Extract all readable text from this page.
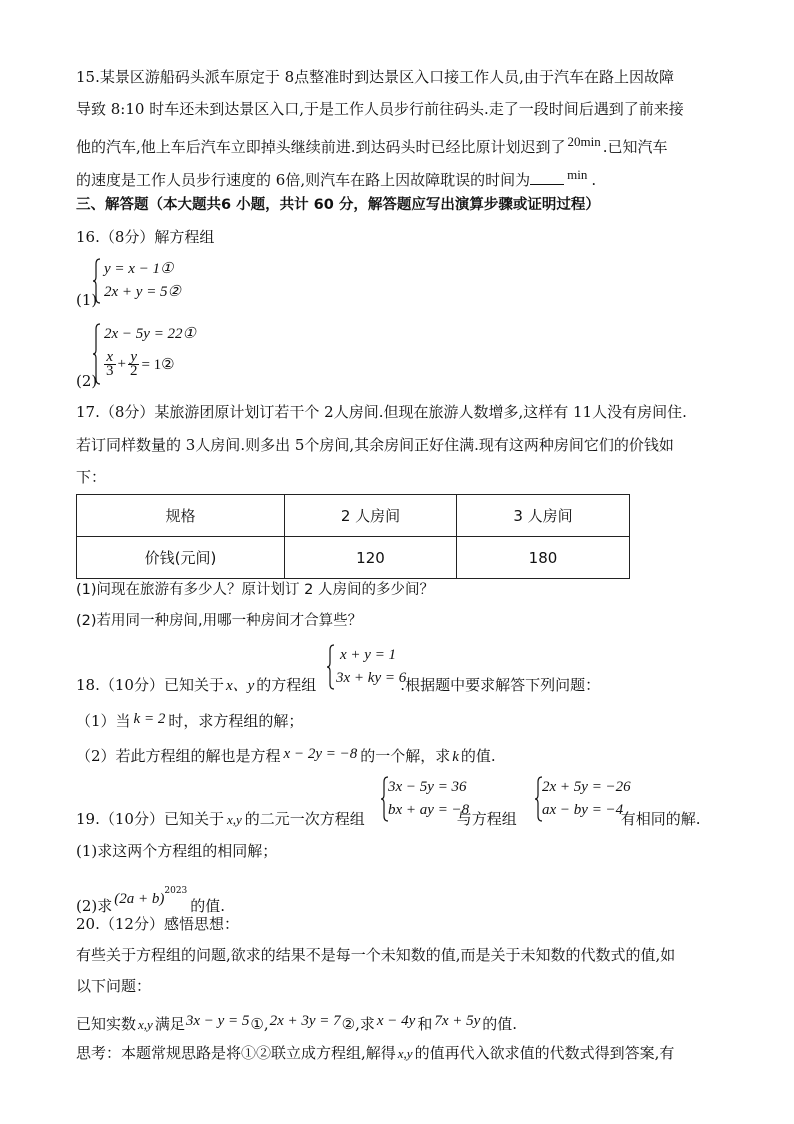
15.某景区游船码头派车原定于 8点整准时到达景区入口接工作人员,由于汽车在路上因故障
导致 8:10 时车还未到达景区入口,于是工作人员步行前往码头.走了一段时间后遇到了前来接
他的汽车,他上车后汽车立即掉头继续前进.到达码头时已经比原计划迟到了 20min .已知汽车
的速度是工作人员步行速度的 6倍,则汽车在路上因故障耽误的时间为	min .
三、解答题（本大题共6 小题，共计 60 分，解答题应写出演算步骤或证明过程）
16.（8分）解方程组
(1)
y = x − 1①
2x + y = 5②
(2)
2x − 5y = 22①
$\frac{x}{3} + \frac{y}{2}$ = 1②
17.（8分）某旅游团原计划订若干个 2人房间.但现在旅游人数增多,这样有 11人没有房间住.
若订同样数量的 3人房间.则多出 5个房间,其余房间正好住满.现有这两种房间它们的价钱如
下：
规格	2 人房间	3 人房间
价钱(元间)	120	180
(1)问现在旅游有多少人？原计划订 2 人房间的多少间？
(2)若用同一种房间,用哪一种房间才合算些？
18.（10分）已知关于 x、y 的方程组	.根据题中要求解答下列问题：
x + y = 1
3x + ky = 6
（1）当 k = 2 时，求方程组的解；
（2）若此方程组的解也是方程 x − 2y = −8 的一个解，求 k 的值.
19.（10分）已知关于 x,y 的二元一次方程组	与方程组	有相同的解.
3x − 5y = 36
bx + ay = −8
2x + 5y = −26
ax − by = −4
(1)求这两个方程组的相同解；
(2)求 $(2a + b)^{2023}$的值.
20.（12分）感悟思想：
有些关于方程组的问题,欲求的结果不是每一个未知数的值,而是关于未知数的代数式的值,如
以下问题：
已知实数 x,y 满足3x − y = 5①,2x + 3y = 7②,求 x − 4y 和 7x + 5y 的值.
思考：本题常规思路是将①②联立成方程组,解得 x,y 的值再代入欲求值的代数式得到答案,有
